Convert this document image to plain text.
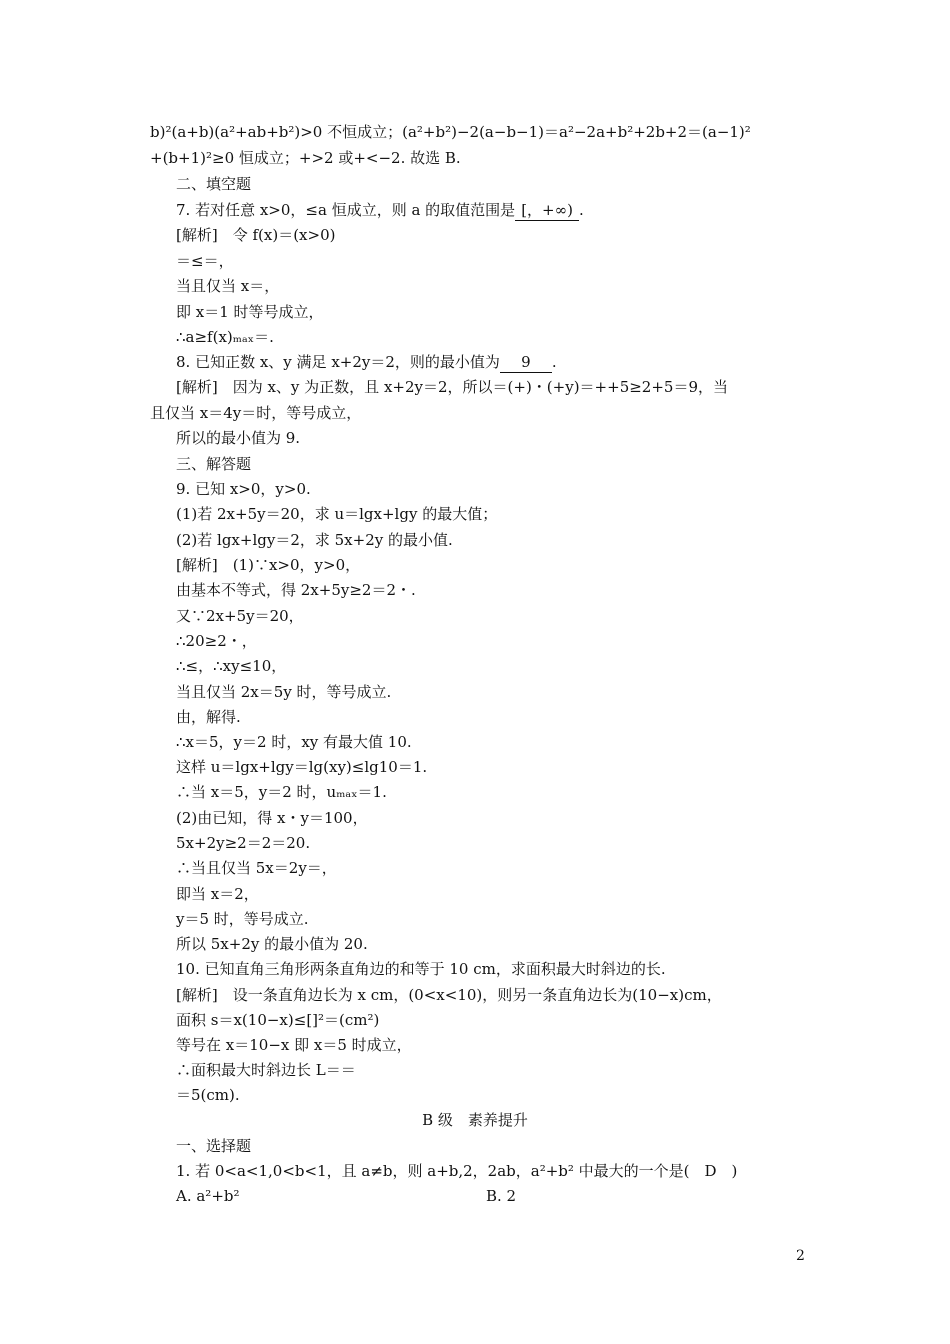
b)²(a+b)(a²+ab+b²)>0 不恒成立；(a²+b²)−2(a−b−1)＝a²−2a+b²+2b+2＝(a−1)²
+(b+1)²≥0 恒成立；+>2 或+<−2. 故选 B.
二、填空题
7. 若对任意 x>0，≤a 恒成立，则 a 的取值范围是 [，+∞) .
[解析]　令 f(x)＝(x>0)
＝≤＝，
当且仅当 x＝，
即 x＝1 时等号成立，
∴a≥f(x)ₘₐₓ＝.
8. 已知正数 x、y 满足 x+2y＝2，则的最小值为 9 .
[解析]　因为 x、y 为正数，且 x+2y＝2，所以＝(+)・(+y)＝++5≥2+5＝9，当
且仅当 x＝4y＝时，等号成立，
所以的最小值为 9.
三、解答题
9. 已知 x>0，y>0.
(1)若 2x+5y＝20，求 u＝lgx+lgy 的最大值；
(2)若 lgx+lgy＝2，求 5x+2y 的最小值.
[解析]　(1)∵x>0，y>0，
由基本不等式，得 2x+5y≥2＝2・.
又∵2x+5y＝20，
∴20≥2・，
∴≤，∴xy≤10，
当且仅当 2x＝5y 时，等号成立.
由，解得.
∴x＝5，y＝2 时，xy 有最大值 10.
这样 u＝lgx+lgy＝lg(xy)≤lg10＝1.
∴当 x＝5，y＝2 时，uₘₐₓ＝1.
(2)由已知，得 x・y＝100，
5x+2y≥2＝2＝20.
∴当且仅当 5x＝2y＝，
即当 x＝2，
y＝5 时，等号成立.
所以 5x+2y 的最小值为 20.
10. 已知直角三角形两条直角边的和等于 10 cm，求面积最大时斜边的长.
[解析]　设一条直角边长为 x cm，(0<x<10)，则另一条直角边长为(10−x)cm，
面积 s＝x(10−x)≤[]²＝(cm²)
等号在 x＝10−x 即 x＝5 时成立，
∴面积最大时斜边长 L＝＝
＝5(cm).
B 级　素养提升
一、选择题
1. 若 0<a<1,0<b<1，且 a≠b，则 a+b,2，2ab，a²+b² 中最大的一个是(　D　)
A. a²+b²	B. 2
2
